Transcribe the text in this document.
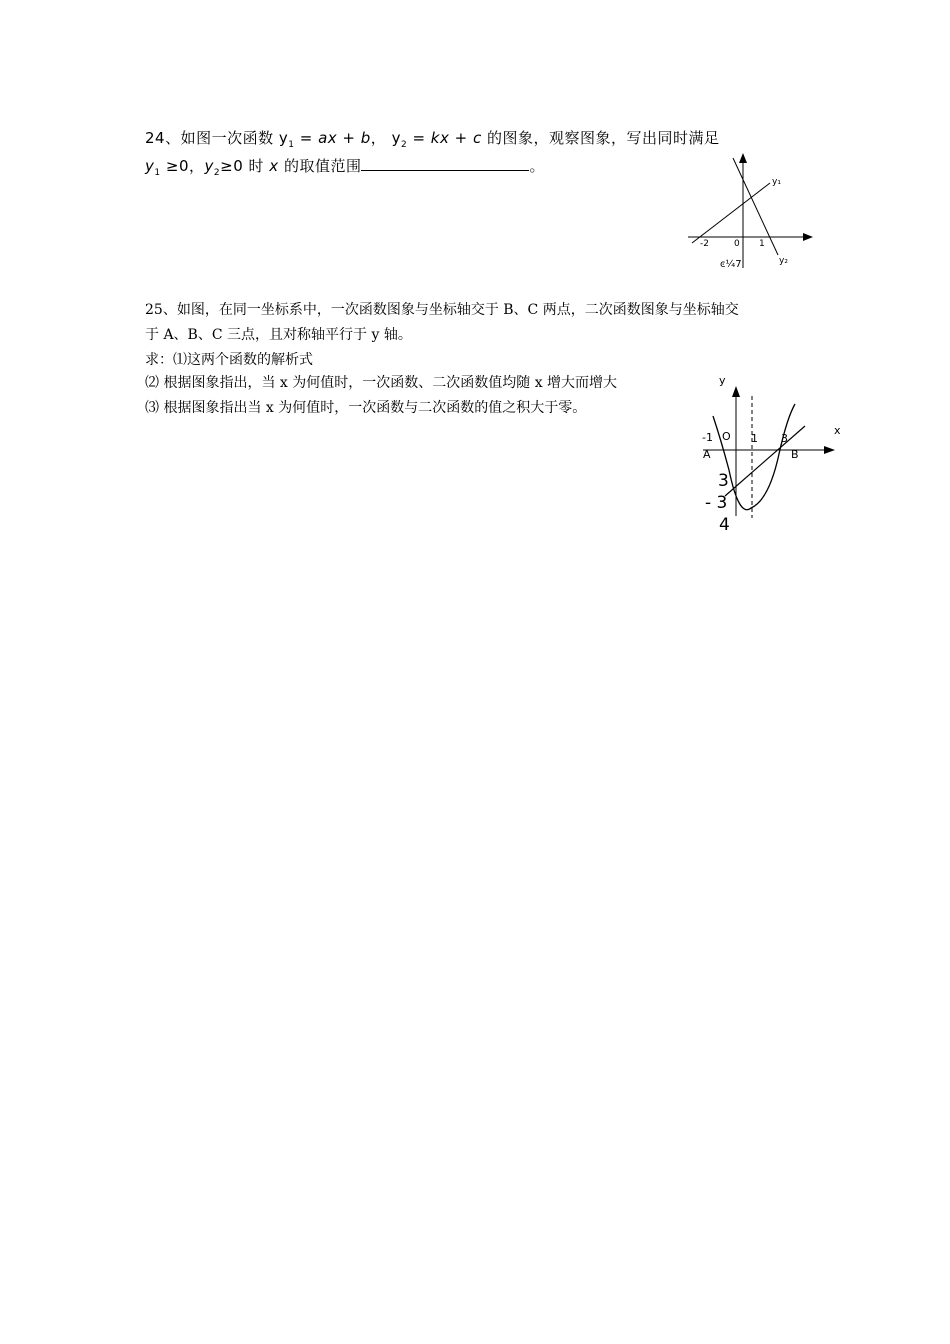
24、如图一次函数 $y_1$ = ax + b， $y_2$ = kx + c 的图象，观察图象，写出同时满足
$y_1 \ge 0$，$y_2\ge 0$ 时 x 的取值范围	。
y₁
y₂
-2	0 1
ͼ¼7
25、如图，在同一坐标系中，一次函数图象与坐标轴交于 B、C 两点，二次函数图象与坐标轴交
于 A、B、C 三点，且对称轴平行于 y 轴。
求：⑴这两个函数的解析式
⑵ 根据图象指出，当 x 为何值时，一次函数、二次函数值均随 x 增大而增大
⑶ 根据图象指出当 x 为何值时，一次函数与二次函数的值之积大于零。
y
x
-1 O 1 3
A	B
3
- 3
4
